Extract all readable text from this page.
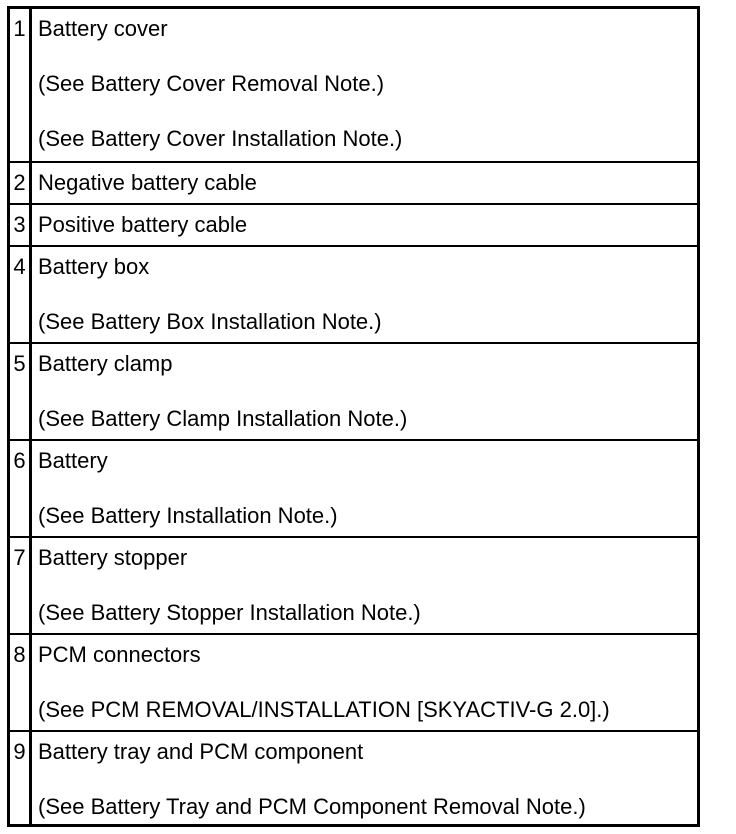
1 Battery cover
(See Battery Cover Removal Note.)
(See Battery Cover Installation Note.)
2 Negative battery cable
3 Positive battery cable
4 Battery box
(See Battery Box Installation Note.)
5 Battery clamp
(See Battery Clamp Installation Note.)
6 Battery
(See Battery Installation Note.)
7 Battery stopper
(See Battery Stopper Installation Note.)
8 PCM connectors
(See PCM REMOVAL/INSTALLATION [SKYACTIV-G 2.0].)
9 Battery tray and PCM component
(See Battery Tray and PCM Component Removal Note.)
